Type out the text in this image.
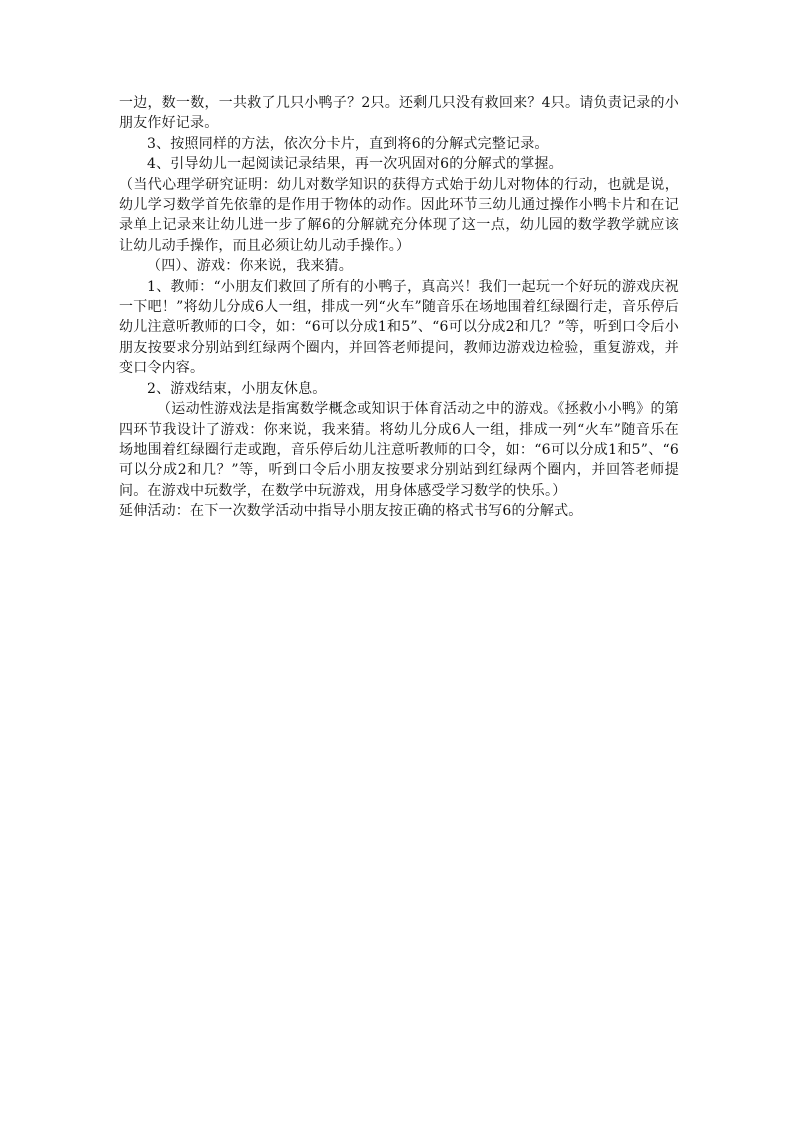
一边，数一数，一共救了几只小鸭子？2只。还剩几只没有救回来？4只。请负责记录的小朋友作好记录。

3、按照同样的方法，依次分卡片，直到将6的分解式完整记录。

4、引导幼儿一起阅读记录结果，再一次巩固对6的分解式的掌握。

（当代心理学研究证明：幼儿对数学知识的获得方式始于幼儿对物体的行动，也就是说，幼儿学习数学首先依靠的是作用于物体的动作。因此环节三幼儿通过操作小鸭卡片和在记录单上记录来让幼儿进一步了解6的分解就充分体现了这一点，幼儿园的数学教学就应该让幼儿动手操作，而且必须让幼儿动手操作。）

（四）、游戏：你来说，我来猜。

1、教师：“小朋友们救回了所有的小鸭子，真高兴！我们一起玩一个好玩的游戏庆祝一下吧！”将幼儿分成6人一组，排成一列“火车”随音乐在场地围着红绿圈行走，音乐停后幼儿注意听教师的口令，如：“6可以分成1和5”、“6可以分成2和几？”等，听到口令后小朋友按要求分别站到红绿两个圈内，并回答老师提问，教师边游戏边检验，重复游戏，并变口令内容。

2、游戏结束，小朋友休息。

（运动性游戏法是指寓数学概念或知识于体育活动之中的游戏。《拯救小小鸭》的第四环节我设计了游戏：你来说，我来猜。将幼儿分成6人一组，排成一列“火车”随音乐在场地围着红绿圈行走或跑，音乐停后幼儿注意听教师的口令，如：“6可以分成1和5”、“6可以分成2和几？”等，听到口令后小朋友按要求分别站到红绿两个圈内，并回答老师提问。在游戏中玩数学，在数学中玩游戏，用身体感受学习数学的快乐。）

延伸活动：在下一次数学活动中指导小朋友按正确的格式书写6的分解式。
